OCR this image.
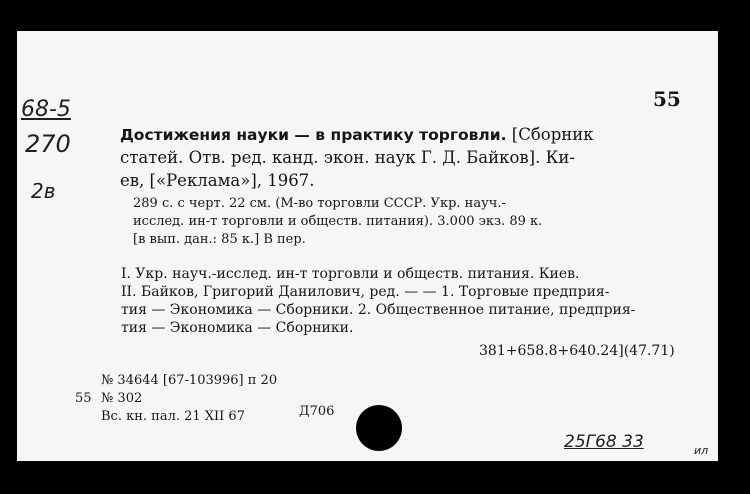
68-5
270
2в
55
Достижения науки — в практику торговли. [Сборник
статей. Отв. ред. канд. экон. наук Г. Д. Байков]. Ки-
ев, [«Реклама»], 1967.
289 с. с черт. 22 см. (М-во торговли СССР. Укр. науч.-
исслед. ин-т торговли и обществ. питания). 3.000 экз. 89 к.
[в вып. дан.: 85 к.] В пер.
I. Укр. науч.-исслед. ин-т торговли и обществ. питания. Киев.
II. Байков, Григорий Данилович, ред. — — 1. Торговые предприя-
тия — Экономика — Сборники. 2. Общественное питание, предприя-
тия — Экономика — Сборники.
381+658.8+640.24](47.71)
№ 34644 [67-103996] п 20
55 № 302
Вс. кн. пал. 21 XII 67	Д706
25Г68 33	ил
